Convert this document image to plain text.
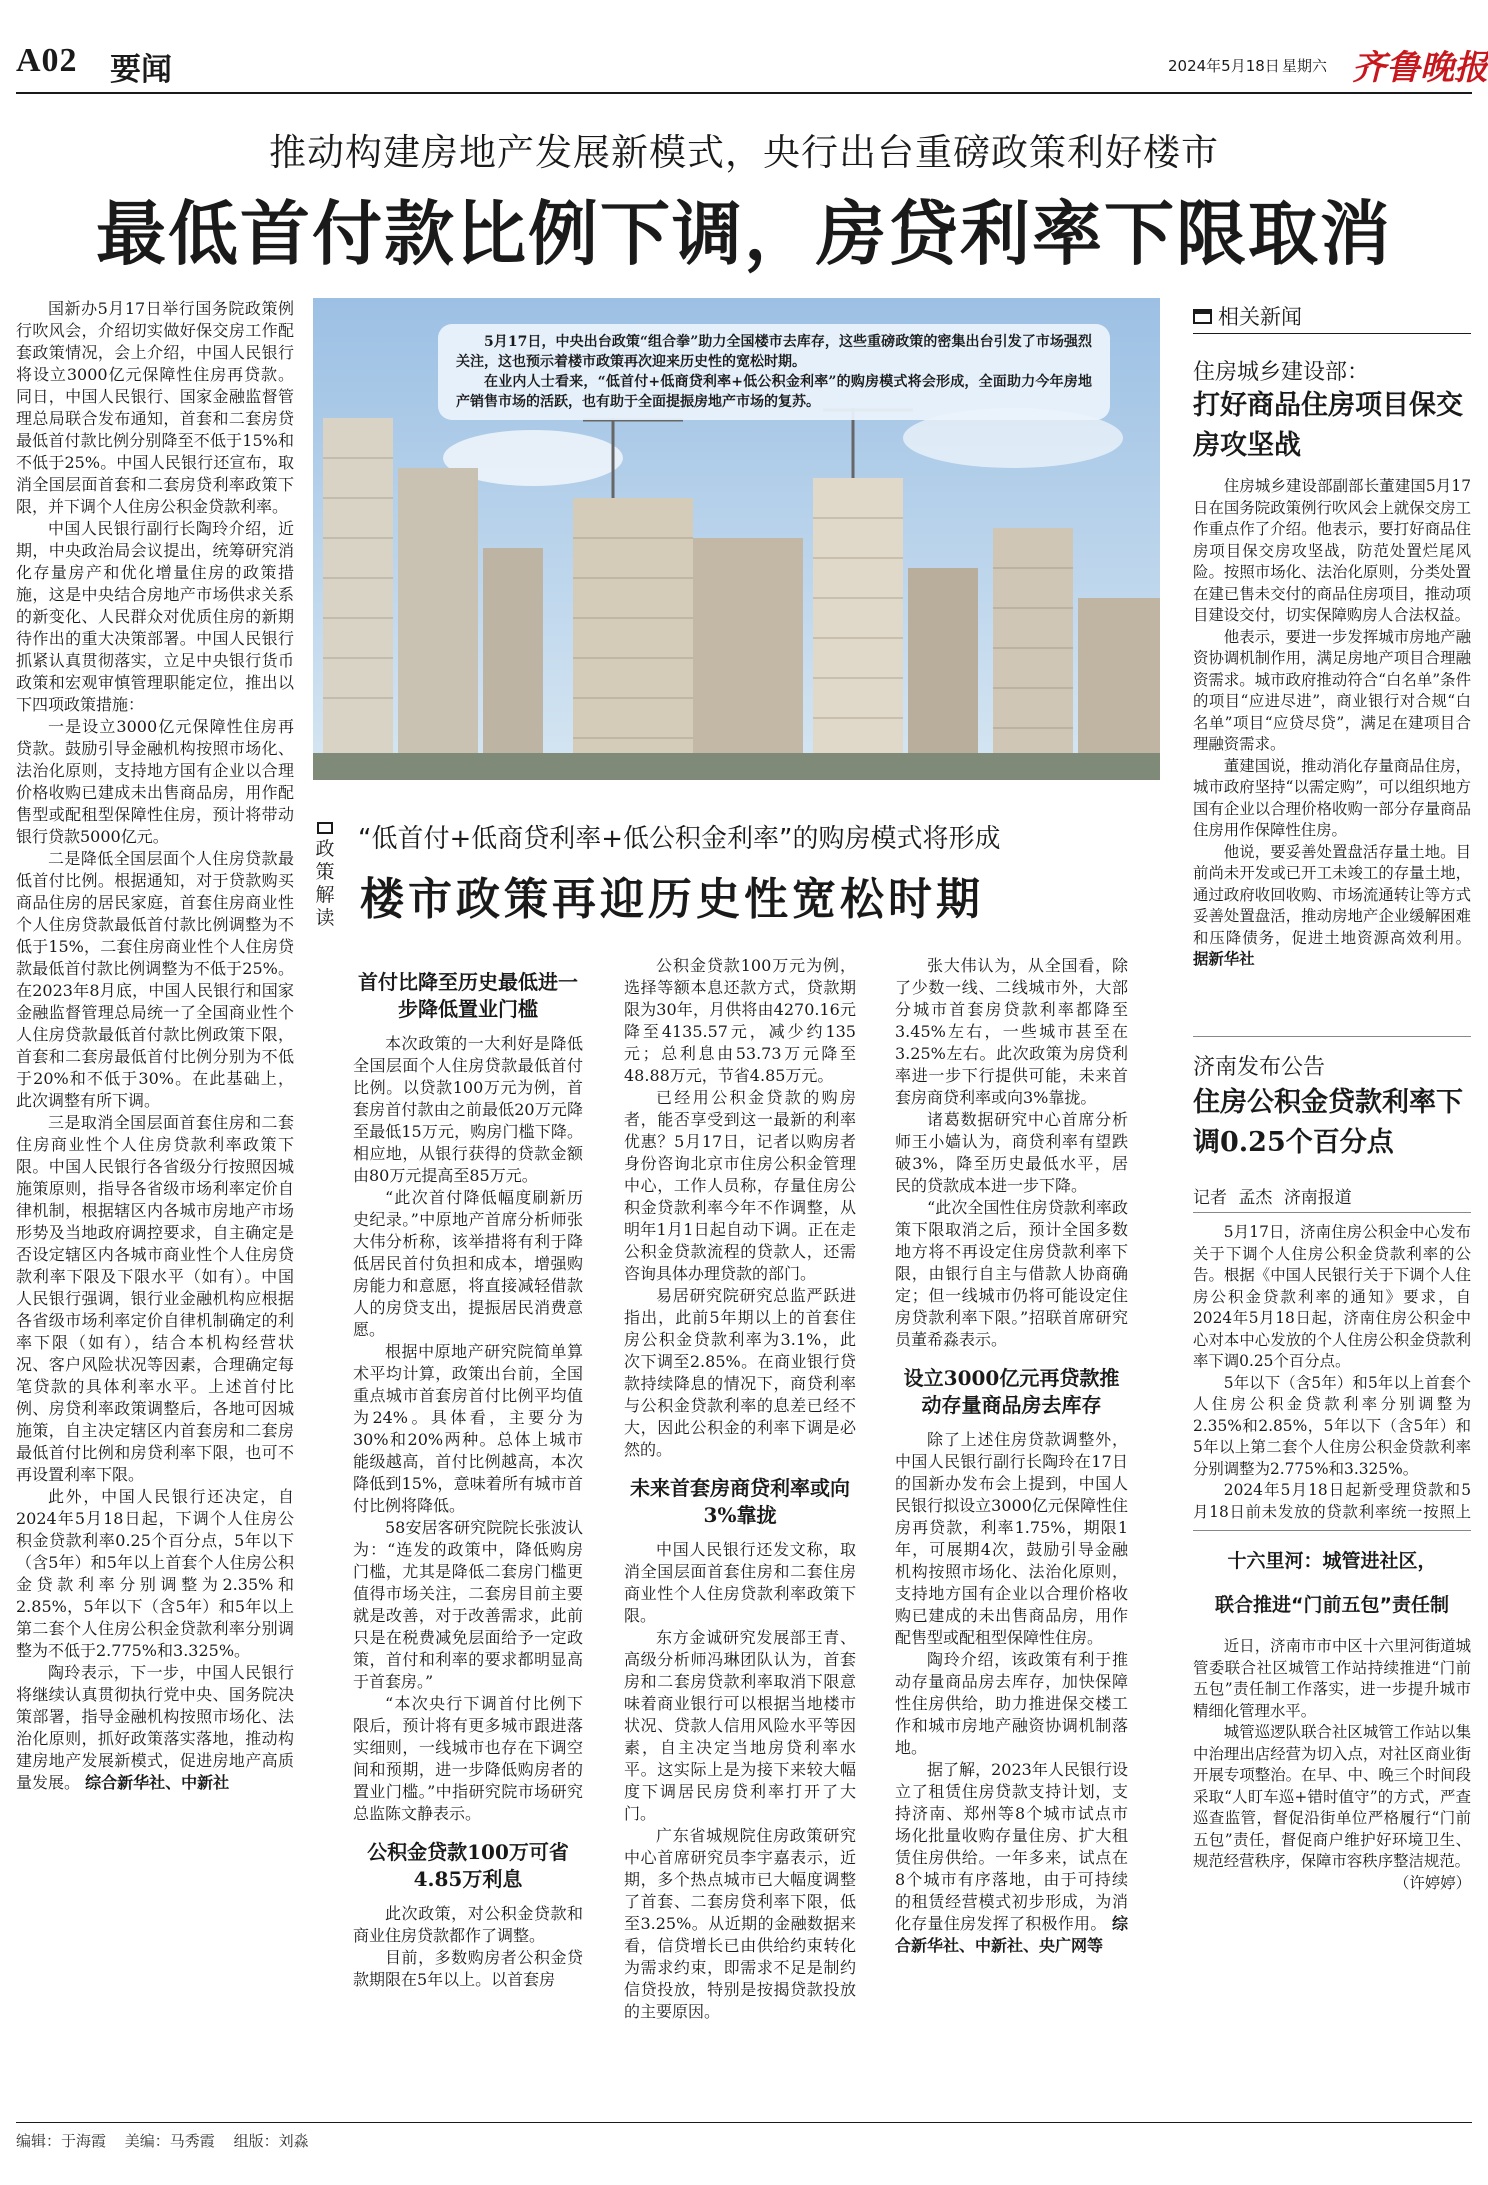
A02 要闻	2024年5月18日 星期六 齐鲁晚报
推动构建房地产发展新模式，央行出台重磅政策利好楼市
最低首付款比例下调，房贷利率下限取消

国新办5月17日举行国务院政策例行吹风会，介绍切实做好保交房工作配套政策情况，会上介绍，中国人民银行将设立3000亿元保障性住房再贷款。同日，中国人民银行、国家金融监督管理总局联合发布通知，首套和二套房贷最低首付款比例分别降至不低于15%和不低于25%。中国人民银行还宣布，取消全国层面首套和二套房贷利率政策下限，并下调个人住房公积金贷款利率。

中国人民银行副行长陶玲介绍，近期，中央政治局会议提出，统筹研究消化存量房产和优化增量住房的政策措施，这是中央结合房地产市场供求关系的新变化、人民群众对优质住房的新期待作出的重大决策部署。中国人民银行抓紧认真贯彻落实，立足中央银行货币政策和宏观审慎管理职能定位，推出以下四项政策措施：

一是设立3000亿元保障性住房再贷款。鼓励引导金融机构按照市场化、法治化原则，支持地方国有企业以合理价格收购已建成未出售商品房，用作配售型或配租型保障性住房，预计将带动银行贷款5000亿元。

二是降低全国层面个人住房贷款最低首付比例。根据通知，对于贷款购买商品住房的居民家庭，首套住房商业性个人住房贷款最低首付款比例调整为不低于15%，二套住房商业性个人住房贷款最低首付款比例调整为不低于25%。在2023年8月底，中国人民银行和国家金融监督管理总局统一了全国商业性个人住房贷款最低首付款比例政策下限，首套和二套房最低首付比例分别为不低于20%和不低于30%。在此基础上，此次调整有所下调。

三是取消全国层面首套住房和二套住房商业性个人住房贷款利率政策下限。中国人民银行各省级分行按照因城施策原则，指导各省级市场利率定价自律机制，根据辖区内各城市房地产市场形势及当地政府调控要求，自主确定是否设定辖区内各城市商业性个人住房贷款利率下限及下限水平（如有）。中国人民银行强调，银行业金融机构应根据各省级市场利率定价自律机制确定的利率下限（如有），结合本机构经营状况、客户风险状况等因素，合理确定每笔贷款的具体利率水平。上述首付比例、房贷利率政策调整后，各地可因城施策，自主决定辖区内首套房和二套房最低首付比例和房贷利率下限，也可不再设置利率下限。

此外，中国人民银行还决定，自2024年5月18日起，下调个人住房公积金贷款利率0.25个百分点，5年以下（含5年）和5年以上首套个人住房公积金贷款利率分别调整为2.35%和2.85%，5年以下（含5年）和5年以上第二套个人住房公积金贷款利率分别调整为不低于2.775%和3.325%。

陶玲表示，下一步，中国人民银行将继续认真贯彻执行党中央、国务院决策部署，指导金融机构按照市场化、法治化原则，抓好政策落实落地，推动构建房地产发展新模式，促进房地产高质量发展。 综合新华社、中新社

5月17日，中央出台政策“组合拳”助力全国楼市去库存，这些重磅政策的密集出台引发了市场强烈关注，这也预示着楼市政策再次迎来历史性的宽松时期。

在业内人士看来，“低首付+低商贷利率+低公积金利率”的购房模式将会形成，全面助力今年房地产销售市场的活跃，也有助于全面提振房地产市场的复苏。

政策解读
“低首付+低商贷利率+低公积金利率”的购房模式将形成
楼市政策再迎历史性宽松时期
首付比降至历史最低进一步降低置业门槛

本次政策的一大利好是降低全国层面个人住房贷款最低首付比例。以贷款100万元为例，首套房首付款由之前最低20万元降至最低15万元，购房门槛下降。相应地，从银行获得的贷款金额由80万元提高至85万元。

“此次首付降低幅度刷新历史纪录。”中原地产首席分析师张大伟分析称，该举措将有利于降低居民首付负担和成本，增强购房能力和意愿，将直接减轻借款人的房贷支出，提振居民消费意愿。

根据中原地产研究院简单算术平均计算，政策出台前，全国重点城市首套房首付比例平均值为24%。具体看，主要分为30%和20%两种。总体上城市能级越高，首付比例越高，本次降低到15%，意味着所有城市首付比例将降低。

58安居客研究院院长张波认为：“连发的政策中，降低购房门槛，尤其是降低二套房门槛更值得市场关注，二套房目前主要就是改善，对于改善需求，此前只是在税费减免层面给予一定政策，首付和利率的要求都明显高于首套房。”

“本次央行下调首付比例下限后，预计将有更多城市跟进落实细则，一线城市也存在下调空间和预期，进一步降低购房者的置业门槛。”中指研究院市场研究总监陈文静表示。

公积金贷款100万可省4.85万利息

此次政策，对公积金贷款和商业住房贷款都作了调整。

目前，多数购房者公积金贷款期限在5年以上。以首套房

公积金贷款100万元为例，选择等额本息还款方式，贷款期限为30年，月供将由4270.16元降至4135.57元，减少约135元；总利息由53.73万元降至48.88万元，节省4.85万元。

已经用公积金贷款的购房者，能否享受到这一最新的利率优惠？5月17日，记者以购房者身份咨询北京市住房公积金管理中心，工作人员称，存量住房公积金贷款利率今年不作调整，从明年1月1日起自动下调。正在走公积金贷款流程的贷款人，还需咨询具体办理贷款的部门。

易居研究院研究总监严跃进指出，此前5年期以上的首套住房公积金贷款利率为3.1%，此次下调至2.85%。在商业银行贷款持续降息的情况下，商贷利率与公积金贷款利率的息差已经不大，因此公积金的利率下调是必然的。

未来首套房商贷利率或向3%靠拢

中国人民银行还发文称，取消全国层面首套住房和二套住房商业性个人住房贷款利率政策下限。

东方金诚研究发展部王青、高级分析师冯琳团队认为，首套房和二套房贷款利率取消下限意味着商业银行可以根据当地楼市状况、贷款人信用风险水平等因素，自主决定当地房贷利率水平。这实际上是为接下来较大幅度下调居民房贷利率打开了大门。

广东省城规院住房政策研究中心首席研究员李宇嘉表示，近期，多个热点城市已大幅度调整了首套、二套房贷利率下限，低至3.25%。从近期的金融数据来看，信贷增长已由供给约束转化为需求约束，即需求不足是制约信贷投放，特别是按揭贷款投放的主要原因。

张大伟认为，从全国看，除了少数一线、二线城市外，大部分城市首套房贷款利率都降至3.45%左右，一些城市甚至在3.25%左右。此次政策为房贷利率进一步下行提供可能，未来首套房商贷利率或向3%靠拢。

诸葛数据研究中心首席分析师王小嫱认为，商贷利率有望跌破3%，降至历史最低水平，居民的贷款成本进一步下降。

“此次全国性住房贷款利率政策下限取消之后，预计全国多数地方将不再设定住房贷款利率下限，由银行自主与借款人协商确定；但一线城市仍将可能设定住房贷款利率下限。”招联首席研究员董希淼表示。

设立3000亿元再贷款推动存量商品房去库存

除了上述住房贷款调整外，中国人民银行副行长陶玲在17日的国新办发布会上提到，中国人民银行拟设立3000亿元保障性住房再贷款，利率1.75%，期限1年，可展期4次，鼓励引导金融机构按照市场化、法治化原则，支持地方国有企业以合理价格收购已建成的未出售商品房，用作配售型或配租型保障性住房。

陶玲介绍，该政策有利于推动存量商品房去库存，加快保障性住房供给，助力推进保交楼工作和城市房地产融资协调机制落地。

据了解，2023年人民银行设立了租赁住房贷款支持计划，支持济南、郑州等8个城市试点市场化批量收购存量住房、扩大租赁住房供给。一年多来，试点在8个城市有序落地，由于可持续的租赁经营模式初步形成，为消化存量住房发挥了积极作用。 综合新华社、中新社、央广网等

相关新闻
住房城乡建设部：
打好商品住房项目保交房攻坚战

住房城乡建设部副部长董建国5月17日在国务院政策例行吹风会上就保交房工作重点作了介绍。他表示，要打好商品住房项目保交房攻坚战，防范处置烂尾风险。按照市场化、法治化原则，分类处置在建已售未交付的商品住房项目，推动项目建设交付，切实保障购房人合法权益。

他表示，要进一步发挥城市房地产融资协调机制作用，满足房地产项目合理融资需求。城市政府推动符合“白名单”条件的项目“应进尽进”，商业银行对合规“白名单”项目“应贷尽贷”，满足在建项目合理融资需求。

董建国说，推动消化存量商品住房，城市政府坚持“以需定购”，可以组织地方国有企业以合理价格收购一部分存量商品住房用作保障性住房。

他说，要妥善处置盘活存量土地。目前尚未开发或已开工未竣工的存量土地，通过政府收回收购、市场流通转让等方式妥善处置盘活，推动房地产企业缓解困难和压降债务，促进土地资源高效利用。 据新华社

济南发布公告
住房公积金贷款利率下调0.25个百分点
记者 孟杰 济南报道

5月17日，济南住房公积金中心发布关于下调个人住房公积金贷款利率的公告。根据《中国人民银行关于下调个人住房公积金贷款利率的通知》要求，自2024年5月18日起，济南住房公积金中心对本中心发放的个人住房公积金贷款利率下调0.25个百分点。

5年以下（含5年）和5年以上首套个人住房公积金贷款利率分别调整为2.35%和2.85%，5年以下（含5年）和5年以上第二套个人住房公积金贷款利率分别调整为2.775%和3.325%。

2024年5月18日起新受理贷款和5月18日前未发放的贷款利率统一按照上

十六里河：城管进社区，
联合推进“门前五包”责任制

近日，济南市市中区十六里河街道城管委联合社区城管工作站持续推进“门前五包”责任制工作落实，进一步提升城市精细化管理水平。

城管巡逻队联合社区城管工作站以集中治理出店经营为切入点，对社区商业街开展专项整治。在早、中、晚三个时间段采取“人盯车巡+错时值守”的方式，严查巡查监管，督促沿街单位严格履行“门前五包”责任，督促商户维护好环境卫生、规范经营秩序，保障市容秩序整洁规范。

（许婷婷）

编辑：于海霞 美编：马秀霞 组版：刘淼
